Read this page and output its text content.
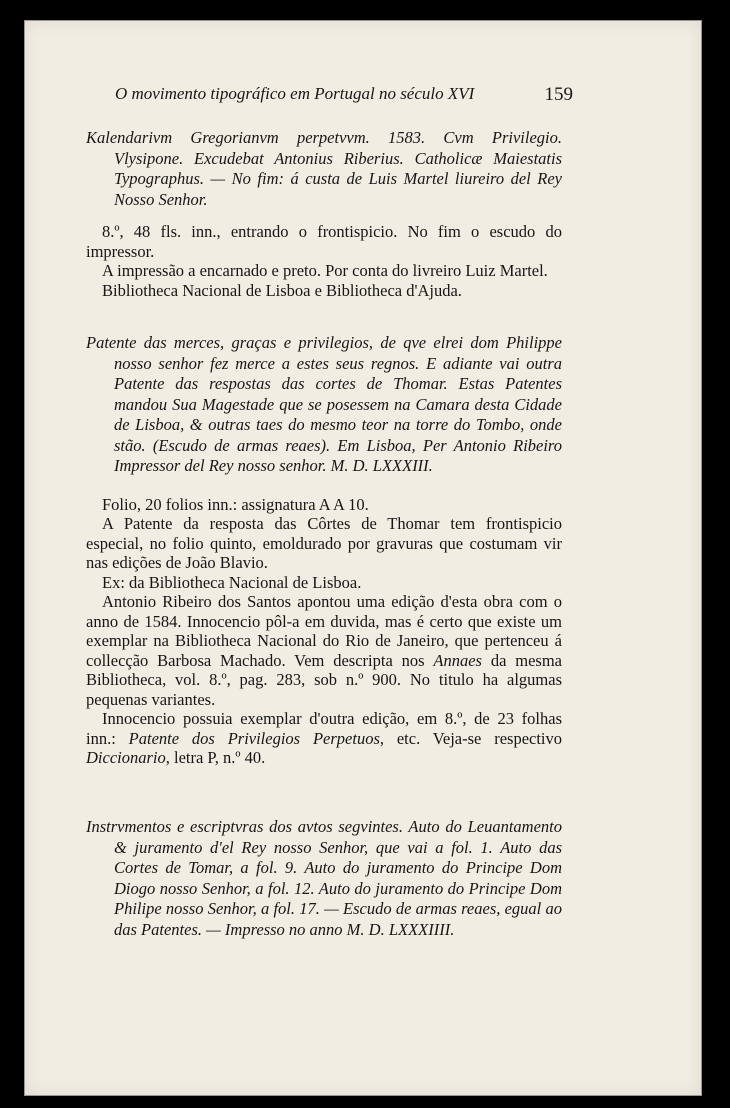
O movimento tipográfico em Portugal no século XVI	159
Kalendarivm Gregorianvm perpetvvm. 1583. Cvm Privilegio. Vlysipone. Excudebat Antonius Riberius. Catholicæ Maiestatis Typographus. — No fim: á custa de Luis Martel liureiro del Rey Nosso Senhor.

8.º, 48 fls. inn., entrando o frontispicio. No fim o escudo do impressor.

A impressão a encarnado e preto. Por conta do livreiro Luiz Martel.

Bibliotheca Nacional de Lisboa e Bibliotheca d'Ajuda.

Patente das merces, graças e privilegios, de qve elrei dom Philippe nosso senhor fez merce a estes seus regnos. E adiante vai outra Patente das respostas das cortes de Thomar. Estas Patentes mandou Sua Magestade que se posessem na Camara desta Cidade de Lisboa, & outras taes do mesmo teor na torre do Tombo, onde stão. (Escudo de armas reaes). Em Lisboa, Per Antonio Ribeiro Impressor del Rey nosso senhor. M. D. LXXXIII.

Folio, 20 folios inn.: assignatura A A 10.

A Patente da resposta das Côrtes de Thomar tem frontispicio especial, no folio quinto, emoldurado por gravuras que costumam vir nas edições de João Blavio.

Ex: da Bibliotheca Nacional de Lisboa.

Antonio Ribeiro dos Santos apontou uma edição d'esta obra com o anno de 1584. Innocencio pôl-a em duvida, mas é certo que existe um exemplar na Bibliotheca Nacional do Rio de Janeiro, que pertenceu á collecção Barbosa Machado. Vem descripta nos Annaes da mesma Bibliotheca, vol. 8.º, pag. 283, sob n.º 900. No titulo ha algumas pequenas variantes.

Innocencio possuia exemplar d'outra edição, em 8.º, de 23 folhas inn.: Patente dos Privilegios Perpetuos, etc. Veja-se respectivo Diccionario, letra P, n.º 40.

Instrvmentos e escriptvras dos avtos segvintes. Auto do Leuantamento & juramento d'el Rey nosso Senhor, que vai a fol. 1. Auto das Cortes de Tomar, a fol. 9. Auto do juramento do Principe Dom Diogo nosso Senhor, a fol. 12. Auto do juramento do Principe Dom Philipe nosso Senhor, a fol. 17. — Escudo de armas reaes, egual ao das Patentes. — Impresso no anno M. D. LXXXIIII.
